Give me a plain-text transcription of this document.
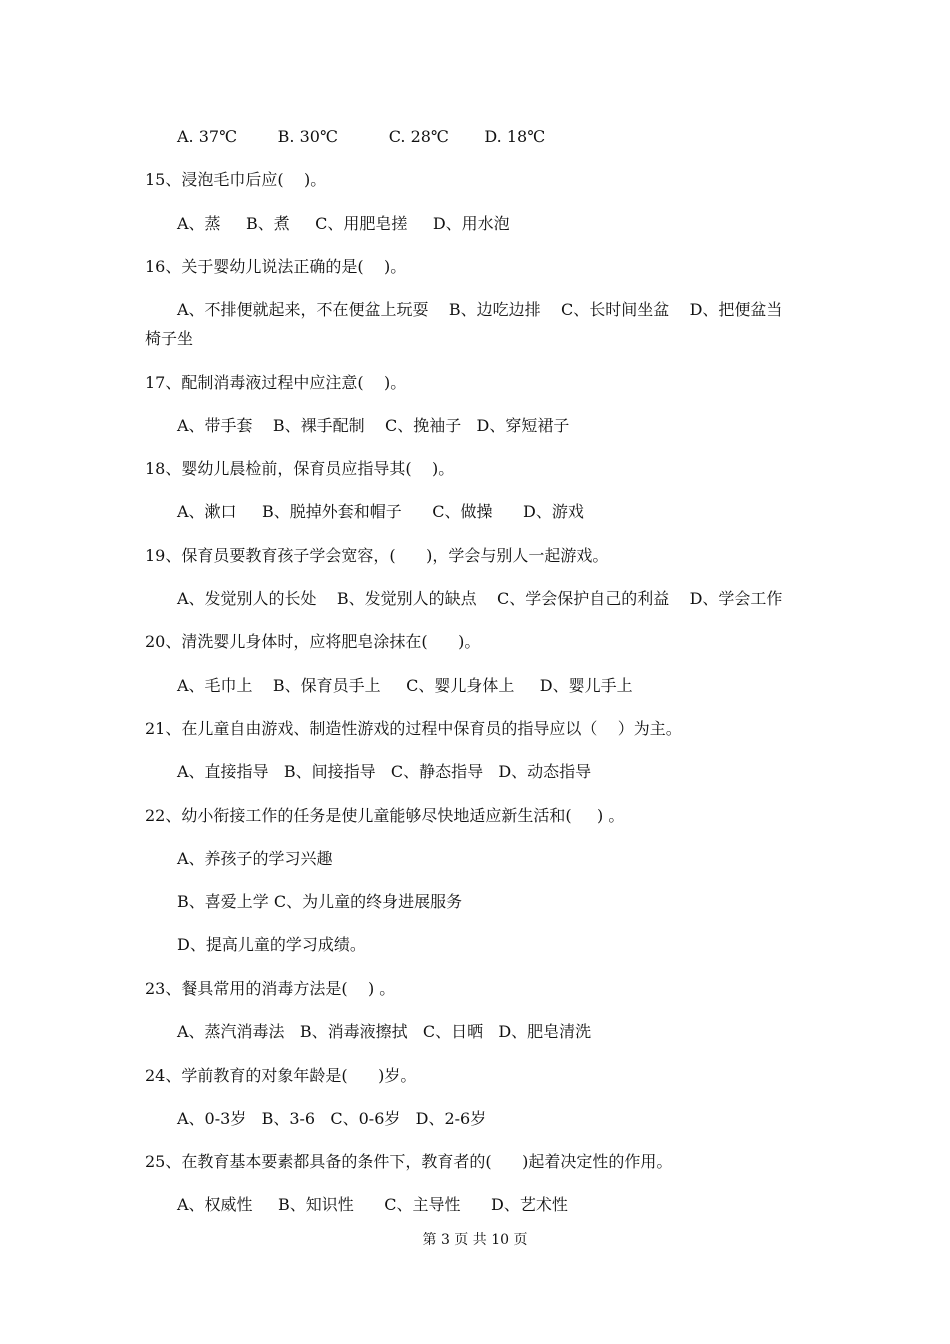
A. 37℃        B. 30℃          C. 28℃       D. 18℃
15、浸泡毛巾后应(    )。
A、蒸     B、煮     C、用肥皂搓     D、用水泡
16、关于婴幼儿说法正确的是(    )。
A、不排便就起来，不在便盆上玩耍    B、边吃边排    C、长时间坐盆    D、把便盆当
椅子坐
17、配制消毒液过程中应注意(    )。
A、带手套    B、裸手配制    C、挽袖子   D、穿短裙子
18、婴幼儿晨检前，保育员应指导其(    )。
A、漱口     B、脱掉外套和帽子      C、做操      D、游戏
19、保育员要教育孩子学会宽容，(      )，学会与别人一起游戏。
A、发觉别人的长处    B、发觉别人的缺点    C、学会保护自己的利益    D、学会工作
20、清洗婴儿身体时，应将肥皂涂抹在(      )。
A、毛巾上    B、保育员手上     C、婴儿身体上     D、婴儿手上
21、在儿童自由游戏、制造性游戏的过程中保育员的指导应以（    ）为主。
A、直接指导   B、间接指导   C、静态指导   D、动态指导
22、幼小衔接工作的任务是使儿童能够尽快地适应新生活和(     ) 。
A、养孩子的学习兴趣
B、喜爱上学 C、为儿童的终身进展服务
D、提高儿童的学习成绩。
23、餐具常用的消毒方法是(    ) 。
A、蒸汽消毒法   B、消毒液擦拭   C、日晒   D、肥皂清洗
24、学前教育的对象年龄是(      )岁。
A、0-3岁   B、3-6   C、0-6岁   D、2-6岁
25、在教育基本要素都具备的条件下，教育者的(      )起着决定性的作用。
A、权威性     B、知识性      C、主导性      D、艺术性
第 3 页 共 10 页
